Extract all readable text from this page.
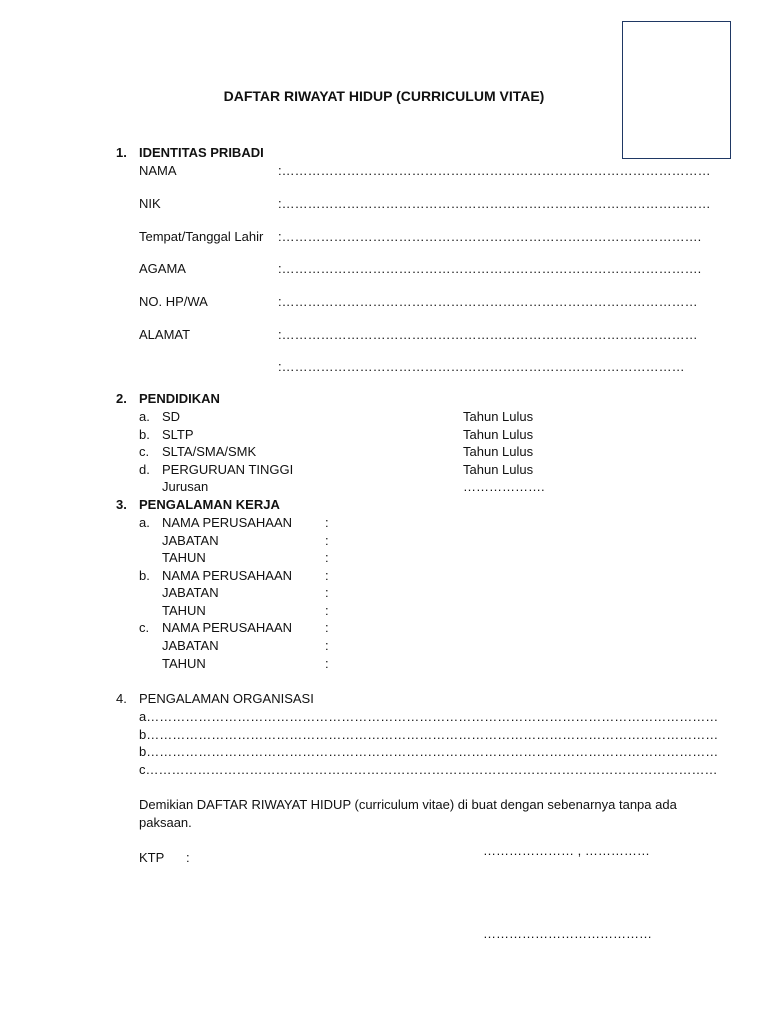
DAFTAR RIWAYAT HIDUP (CURRICULUM VITAE)
1. IDENTITAS PRIBADI
NAMA	:………………………………………………………………………………………
NIK	:………………………………………………………………………………………
Tempat/Tanggal Lahir :…………………………………………………………………………………….
AGAMA	:…………………………………………………………………………………….
NO. HP/WA	:……………………………………………………………………………………
ALAMAT	:……………………………………………………………………………………
:…………………………………………………………………………………
2. PENDIDIKAN
a. SD	Tahun Lulus
b. SLTP	Tahun Lulus
c. SLTA/SMA/SMK	Tahun Lulus
d. PERGURUAN TINGGI	Tahun Lulus
Jurusan	……………….
3. PENGALAMAN KERJA
a. NAMA PERUSAHAAN	:
JABATAN	:
TAHUN	:
b. NAMA PERUSAHAAN	:
JABATAN	:
TAHUN	:
c. NAMA PERUSAHAAN	:
JABATAN	:
TAHUN	:
4. PENGALAMAN ORGANISASI
a……………………………………………………………………………………………………………………
b……………………………………………………………………………………………………………………
b……………………………………………………………………………………………………………………
c……………………………………………………………………………………………………………………
Demikian DAFTAR RIWAYAT HIDUP (curriculum vitae) di buat dengan sebenarnya tanpa ada
paksaan.
………………… , ……………
KTP :
…………………………………
